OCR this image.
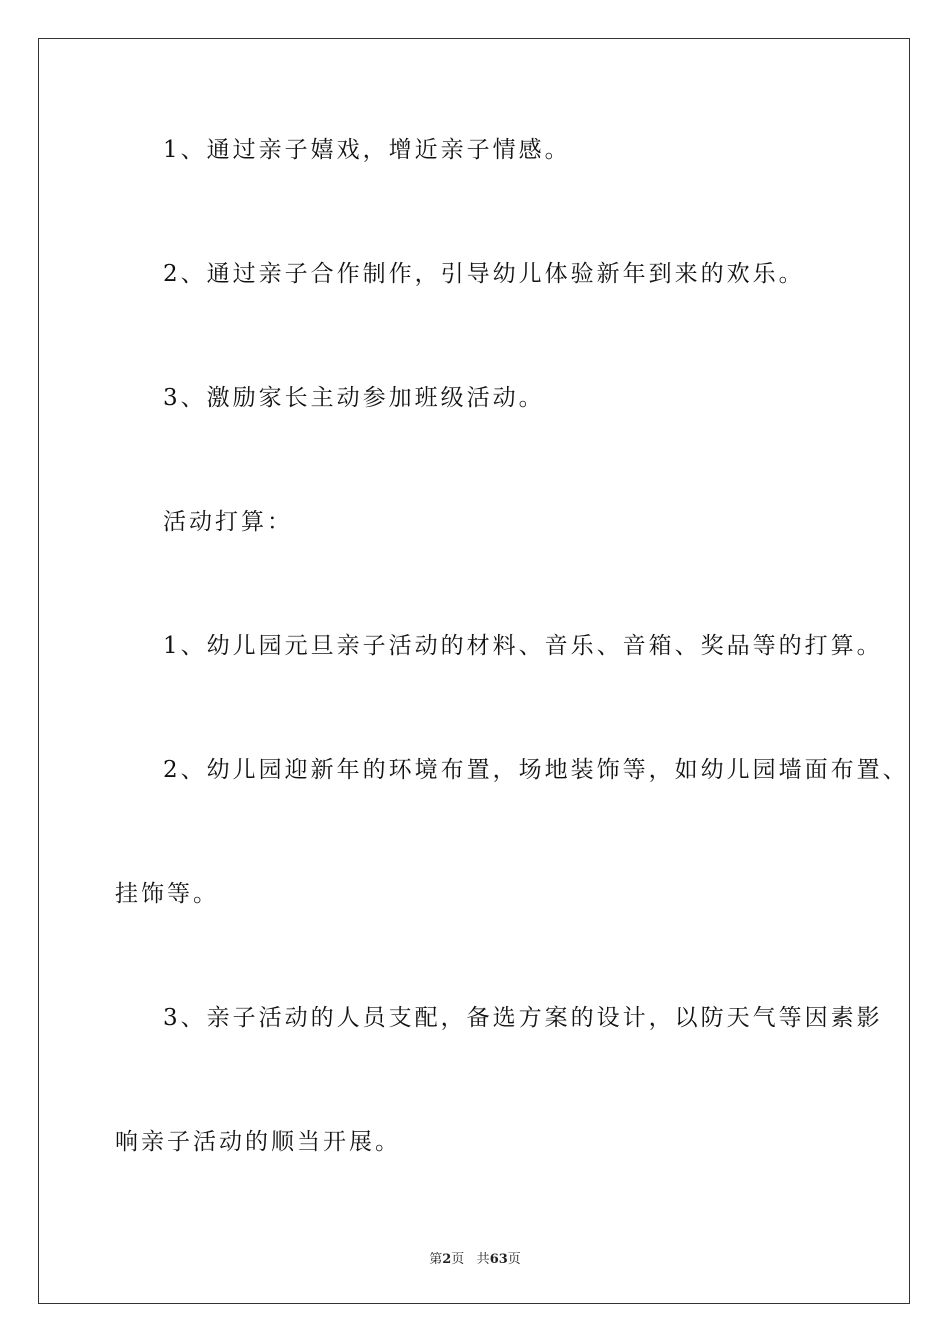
1、通过亲子嬉戏，增近亲子情感。
2、通过亲子合作制作，引导幼儿体验新年到来的欢乐。
3、激励家长主动参加班级活动。
活动打算：
1、幼儿园元旦亲子活动的材料、音乐、音箱、奖品等的打算。
2、幼儿园迎新年的环境布置，场地装饰等，如幼儿园墙面布置、
挂饰等。
3、亲子活动的人员支配，备选方案的设计，以防天气等因素影
响亲子活动的顺当开展。
第2页 共63页
